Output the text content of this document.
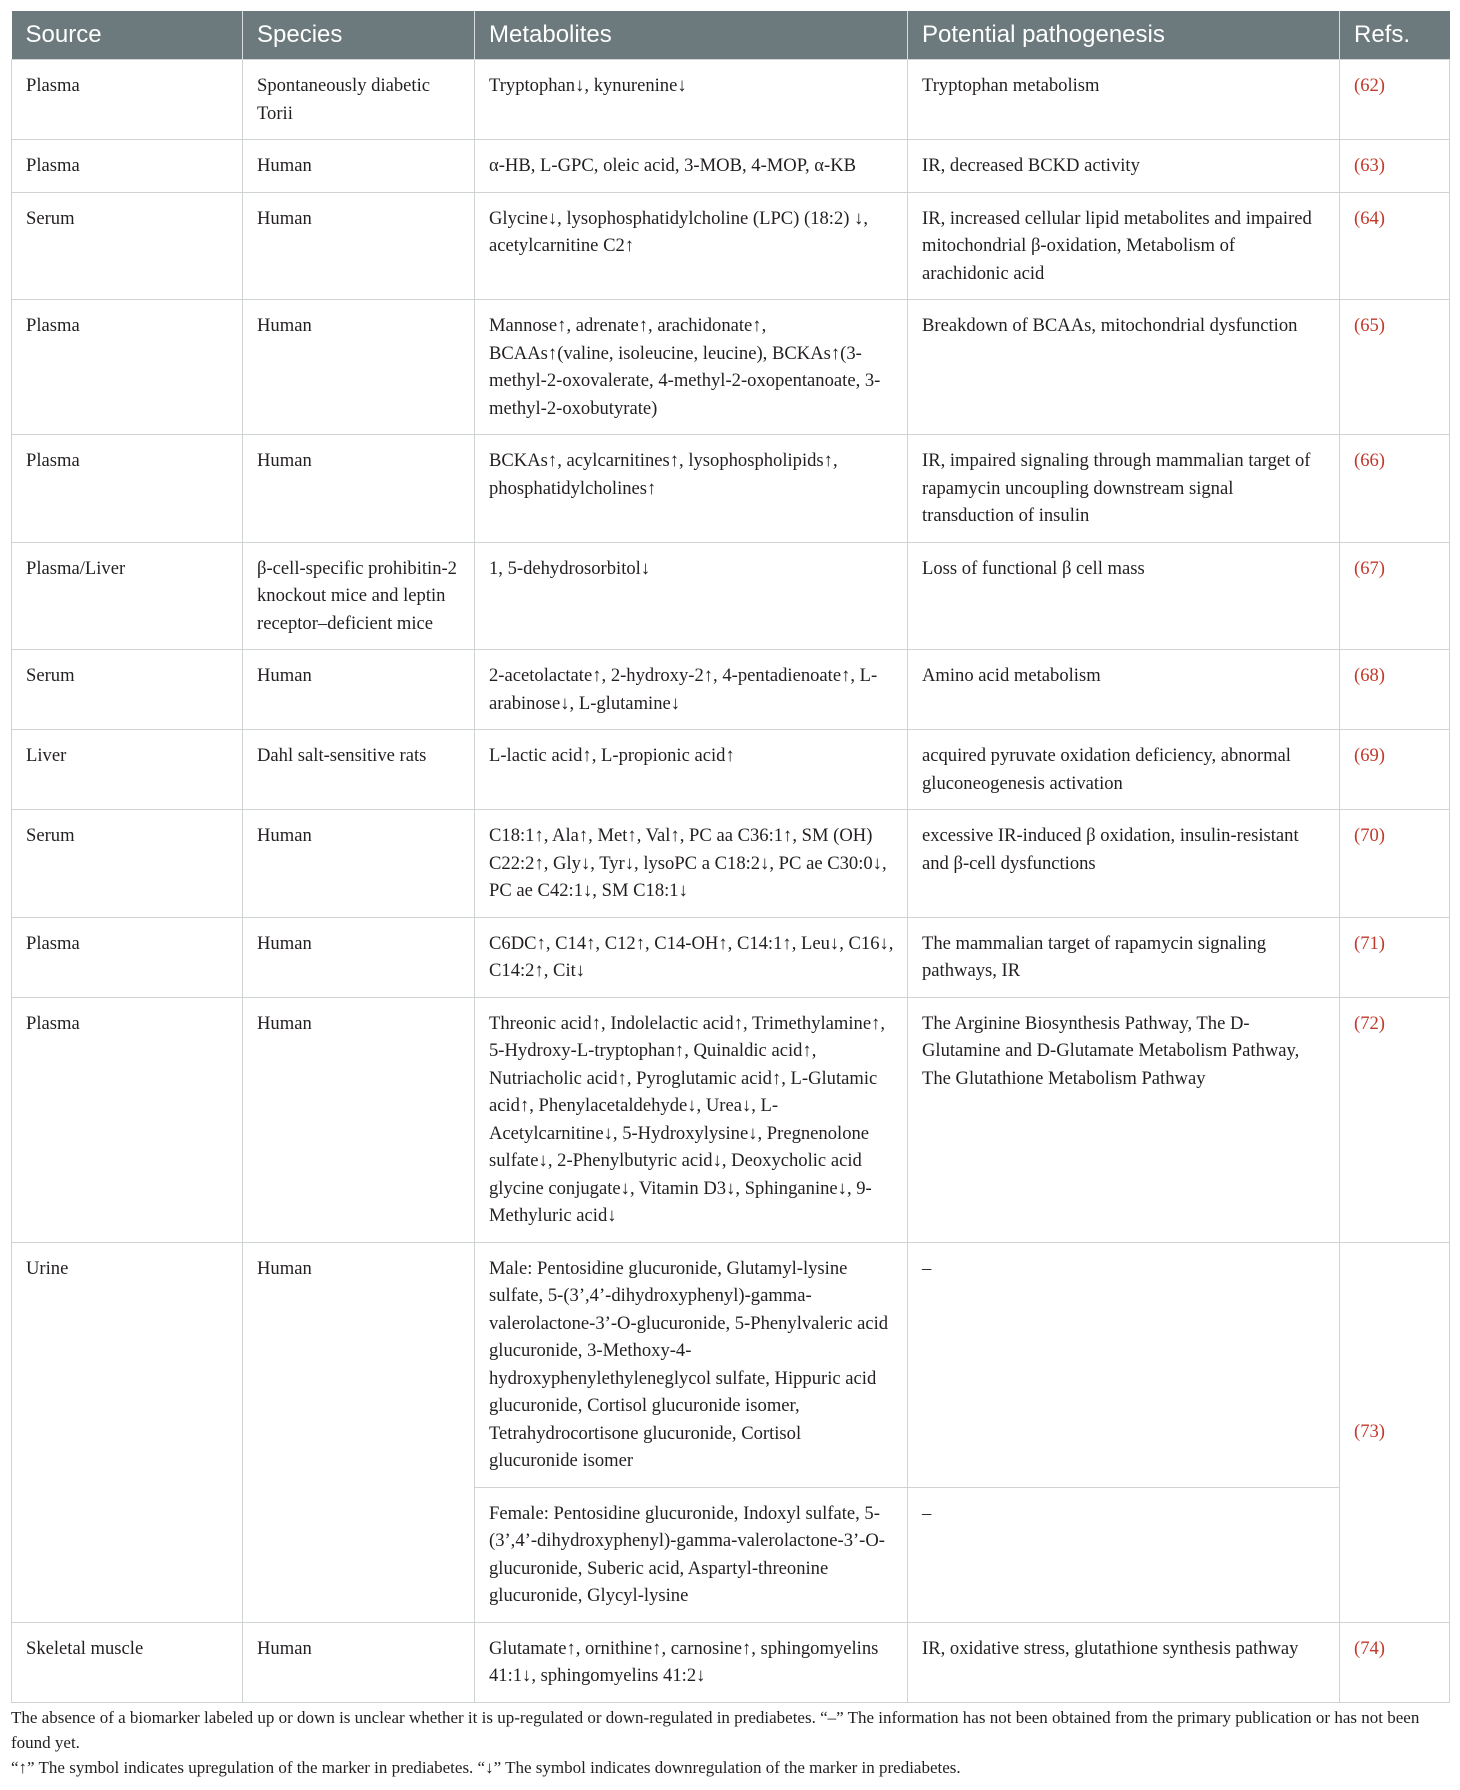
Source	Species	Metabolites	Potential pathogenesis	Refs.
Plasma	Spontaneously diabetic Torii	Tryptophan↓, kynurenine↓	Tryptophan metabolism	(62)
Plasma	Human	α-HB, L-GPC, oleic acid, 3-MOB, 4-MOP, α-KB	IR, decreased BCKD activity	(63)
Serum	Human	Glycine↓, lysophosphatidylcholine (LPC) (18:2) ↓, acetylcarnitine C2↑	IR, increased cellular lipid metabolites and impaired mitochondrial β-oxidation, Metabolism of arachidonic acid	(64)
Plasma	Human	Mannose↑, adrenate↑, arachidonate↑, BCAAs↑(valine, isoleucine, leucine), BCKAs↑(3-methyl-2-oxovalerate, 4-methyl-2-oxopentanoate, 3-methyl-2-oxobutyrate)	Breakdown of BCAAs, mitochondrial dysfunction	(65)
Plasma	Human	BCKAs↑, acylcarnitines↑, lysophospholipids↑, phosphatidylcholines↑	IR, impaired signaling through mammalian target of rapamycin uncoupling downstream signal transduction of insulin	(66)
Plasma/Liver	β-cell-specific prohibitin-2 knockout mice and leptin receptor–deficient mice	1, 5-dehydrosorbitol↓	Loss of functional β cell mass	(67)
Serum	Human	2-acetolactate↑, 2-hydroxy-2↑, 4-pentadienoate↑, L-arabinose↓, L-glutamine↓	Amino acid metabolism	(68)
Liver	Dahl salt-sensitive rats	L-lactic acid↑, L-propionic acid↑	acquired pyruvate oxidation deficiency, abnormal gluconeogenesis activation	(69)
Serum	Human	C18:1↑, Ala↑, Met↑, Val↑, PC aa C36:1↑, SM (OH) C22:2↑, Gly↓, Tyr↓, lysoPC a C18:2↓, PC ae C30:0↓, PC ae C42:1↓, SM C18:1↓	excessive IR-induced β oxidation, insulin-resistant and β-cell dysfunctions	(70)
Plasma	Human	C6DC↑, C14↑, C12↑, C14-OH↑, C14:1↑, Leu↓, C16↓, C14:2↑, Cit↓	The mammalian target of rapamycin signaling pathways, IR	(71)
Plasma	Human	Threonic acid↑, Indolelactic acid↑, Trimethylamine↑, 5-Hydroxy-L-tryptophan↑, Quinaldic acid↑, Nutriacholic acid↑, Pyroglutamic acid↑, L-Glutamic acid↑, Phenylacetaldehyde↓, Urea↓, L-Acetylcarnitine↓, 5-Hydroxylysine↓, Pregnenolone sulfate↓, 2-Phenylbutyric acid↓, Deoxycholic acid glycine conjugate↓, Vitamin D3↓, Sphinganine↓, 9-Methyluric acid↓	The Arginine Biosynthesis Pathway, The D-Glutamine and D-Glutamate Metabolism Pathway, The Glutathione Metabolism Pathway	(72)
Urine	Human	Male: Pentosidine glucuronide, Glutamyl-lysine sulfate, 5-(3’,4’-dihydroxyphenyl)-gamma-valerolactone-3’-O-glucuronide, 5-Phenylvaleric acid glucuronide, 3-Methoxy-4-hydroxyphenylethyleneglycol sulfate, Hippuric acid glucuronide, Cortisol glucuronide isomer, Tetrahydrocortisone glucuronide, Cortisol glucuronide isomer	–	(73)
		Female: Pentosidine glucuronide, Indoxyl sulfate, 5-(3’,4’-dihydroxyphenyl)-gamma-valerolactone-3’-O-glucuronide, Suberic acid, Aspartyl-threonine glucuronide, Glycyl-lysine	–	
Skeletal muscle	Human	Glutamate↑, ornithine↑, carnosine↑, sphingomyelins 41:1↓, sphingomyelins 41:2↓	IR, oxidative stress, glutathione synthesis pathway	(74)

The absence of a biomarker labeled up or down is unclear whether it is up-regulated or down-regulated in prediabetes. “–” The information has not been obtained from the primary publication or has not been found yet.

“↑” The symbol indicates upregulation of the marker in prediabetes. “↓” The symbol indicates downregulation of the marker in prediabetes.
